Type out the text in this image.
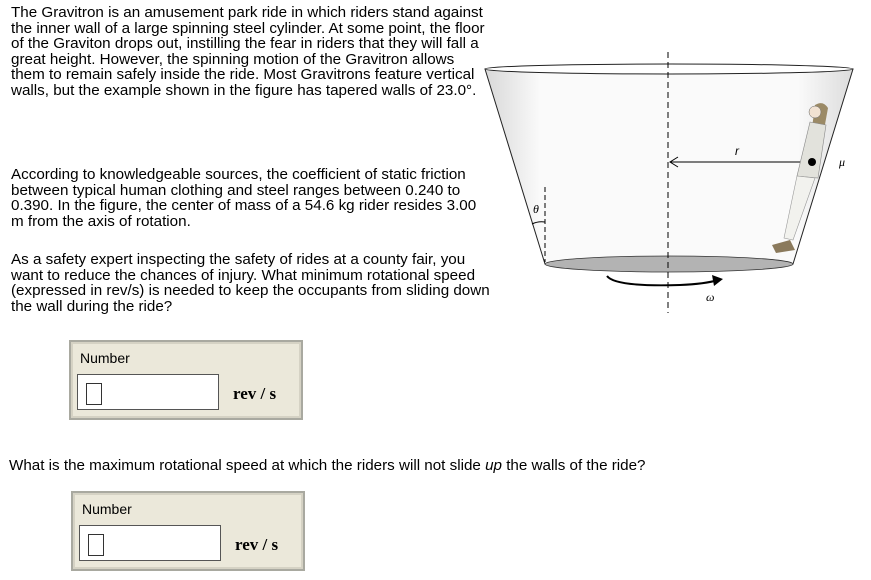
The Gravitron is an amusement park ride in which riders stand against the inner wall of a large spinning steel cylinder. At some point, the floor of the Graviton drops out, instilling the fear in riders that they will fall a great height. However, the spinning motion of the Gravitron allows them to remain safely inside the ride. Most Gravitrons feature vertical walls, but the example shown in the figure has tapered walls of 23.0°.

According to knowledgeable sources, the coefficient of static friction between typical human clothing and steel ranges between 0.240 to 0.390. In the figure, the center of mass of a 54.6 kg rider resides 3.00 m from the axis of rotation.

As a safety expert inspecting the safety of rides at a county fair, you want to reduce the chances of injury. What minimum rotational speed (expressed in rev/s) is needed to keep the occupants from sliding down the wall during the ride?

θ
r
μ
ω
Number
rev / s
What is the maximum rotational speed at which the riders will not slide up the walls of the ride?
Number
rev / s
